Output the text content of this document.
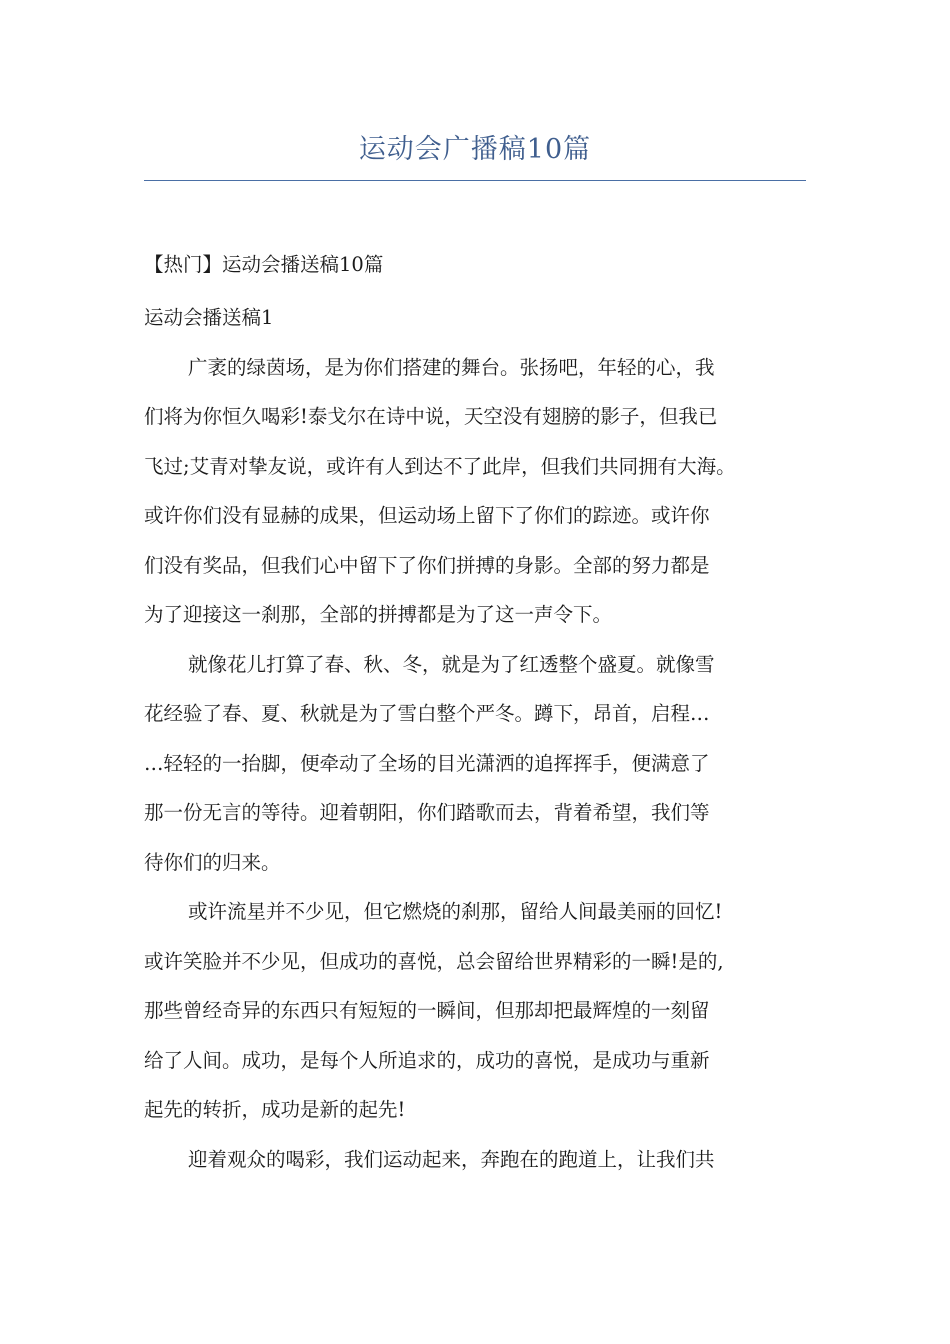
运动会广播稿10篇
【热门】运动会播送稿10篇
运动会播送稿1
广袤的绿茵场，是为你们搭建的舞台。张扬吧，年轻的心，我
们将为你恒久喝彩!泰戈尔在诗中说，天空没有翅膀的影子，但我已
飞过;艾青对挚友说，或许有人到达不了此岸，但我们共同拥有大海。
或许你们没有显赫的成果，但运动场上留下了你们的踪迹。或许你
们没有奖品，但我们心中留下了你们拼搏的身影。全部的努力都是
为了迎接这一刹那，全部的拼搏都是为了这一声令下。
就像花儿打算了春、秋、冬，就是为了红透整个盛夏。就像雪
花经验了春、夏、秋就是为了雪白整个严冬。蹲下，昂首，启程…
…轻轻的一抬脚，便牵动了全场的目光潇洒的追挥挥手，便满意了
那一份无言的等待。迎着朝阳，你们踏歌而去，背着希望，我们等
待你们的归来。
或许流星并不少见，但它燃烧的刹那，留给人间最美丽的回忆!
或许笑脸并不少见，但成功的喜悦，总会留给世界精彩的一瞬!是的,
那些曾经奇异的东西只有短短的一瞬间，但那却把最辉煌的一刻留
给了人间。成功，是每个人所追求的，成功的喜悦，是成功与重新
起先的转折，成功是新的起先!
迎着观众的喝彩，我们运动起来，奔跑在的跑道上，让我们共
